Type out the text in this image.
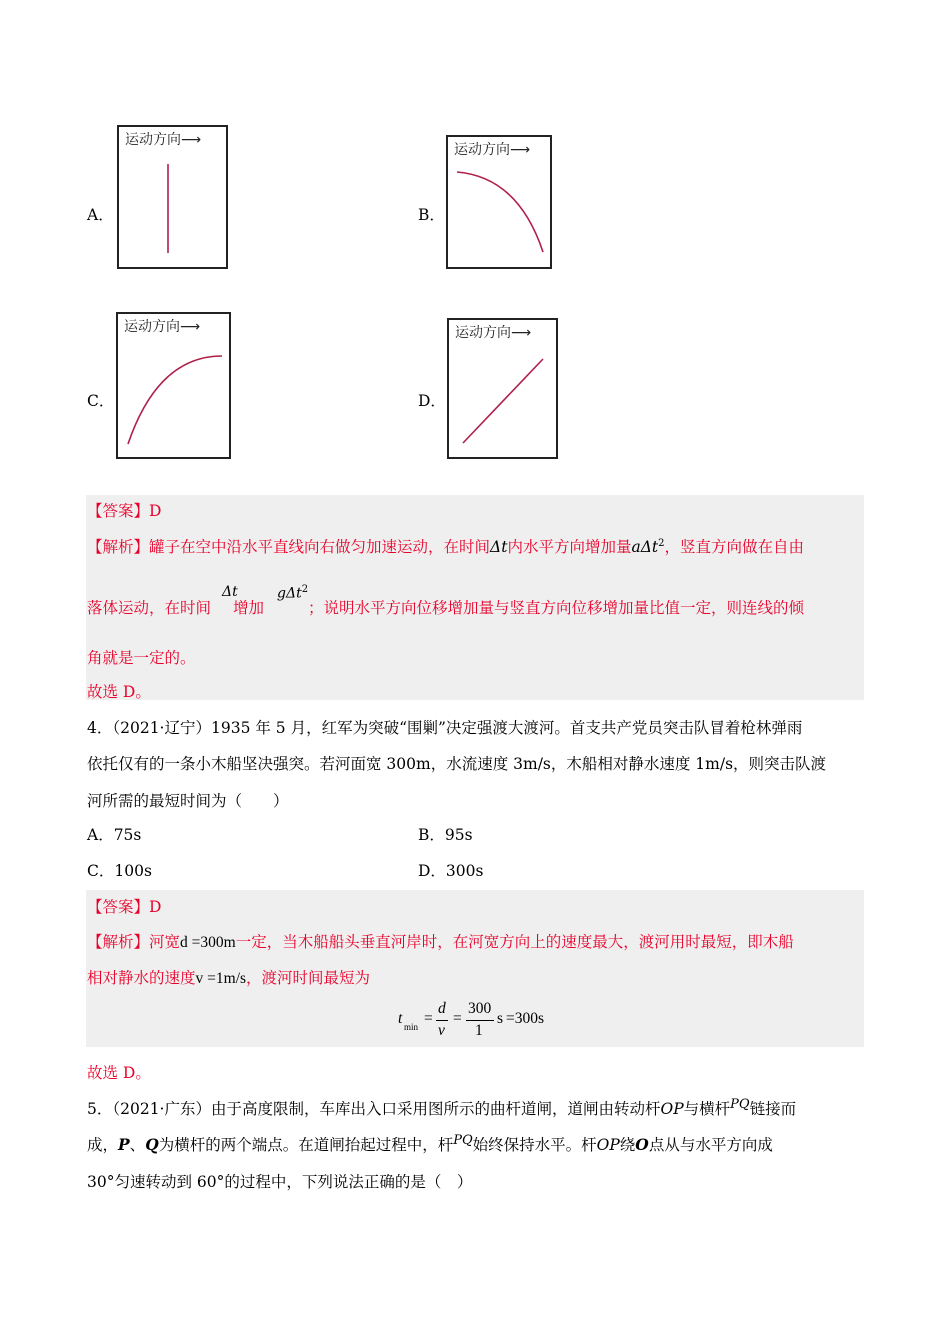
A．
运动方向⟶
B．
运动方向⟶
C．
运动方向⟶
D．
运动方向⟶
【答案】D
【解析】罐子在空中沿水平直线向右做匀加速运动，在时间Δt内水平方向增加量aΔt$^2$，竖直方向做在自由
Δt	gΔt$^2$
落体运动，在时间 增加	；说明水平方向位移增加量与竖直方向位移增加量比值一定，则连线的倾
角就是一定的。
故选 D。
4．（2021·辽宁）1935 年 5 月，红军为突破“围剿”决定强渡大渡河。首支共产党员突击队冒着枪林弹雨
依托仅有的一条小木船坚决强突。若河面宽 300m，水流速度 3m/s，木船相对静水速度 1m/s，则突击队渡
河所需的最短时间为（　　）
A．75s	B．95s
C．100s	D．300s
【答案】D
【解析】河宽d =300m一定，当木船船头垂直河岸时，在河宽方向上的速度最大，渡河用时最短，即木船
相对静水的速度v =1m/s，渡河时间最短为
t min =
d
v
=
300
1
s =300s
故选 D。
5．（2021·广东）由于高度限制，车库出入口采用图所示的曲杆道闸，道闸由转动杆OP与横杆$^{PQ}$链接而
成，P、Q为横杆的两个端点。在道闸抬起过程中，杆$^{PQ}$始终保持水平。杆OP绕O点从与水平方向成
30°匀速转动到 60°的过程中，下列说法正确的是（　）
